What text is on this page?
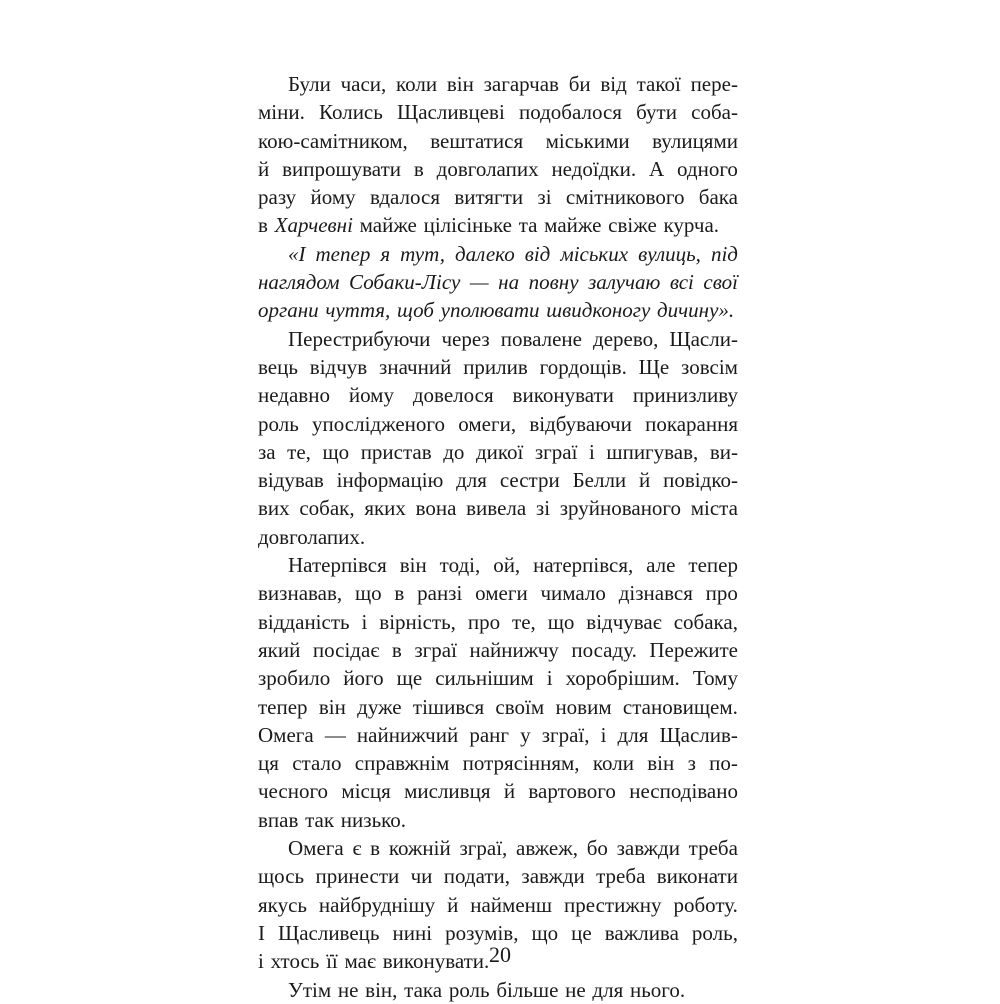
Були часи, коли він загарчав би від такої пере-
міни. Колись Щасливцеві подобалося бути соба-
кою-самітником, вештатися міськими вулицями
й випрошувати в довголапих недоїдки. А одного
разу йому вдалося витягти зі смітникового бака
в Харчевні майже цілісіньке та майже свіже курча.
«І тепер я тут, далеко від міських вулиць, під
наглядом Собаки-Лісу — на повну залучаю всі свої
органи чуття, щоб уполювати швидконогу дичину».
Перестрибуючи через повалене дерево, Щасли-
вець відчув значний прилив гордощів. Ще зовсім
недавно йому довелося виконувати принизливу
роль упослідженого омеги, відбуваючи покарання
за те, що пристав до дикої зграї і шпигував, ви-
відував інформацію для сестри Белли й повідко-
вих собак, яких вона вивела зі зруйнованого міста
довголапих.
Натерпівся він тоді, ой, натерпівся, але тепер
визнавав, що в ранзі омеги чимало дізнався про
відданість і вірність, про те, що відчуває собака,
який посідає в зграї найнижчу посаду. Пережите
зробило його ще сильнішим і хоробрішим. Тому
тепер він дуже тішився своїм новим становищем.
Омега — найнижчий ранг у зграї, і для Щаслив-
ця стало справжнім потрясінням, коли він з по-
чесного місця мисливця й вартового несподівано
впав так низько.
Омега є в кожній зграї, авжеж, бо завжди треба
щось принести чи подати, завжди треба виконати
якусь найбруднішу й найменш престижну роботу.
І Щасливець нині розумів, що це важлива роль,
і хтось її має виконувати.
Утім не він, така роль більше не для нього.
20
